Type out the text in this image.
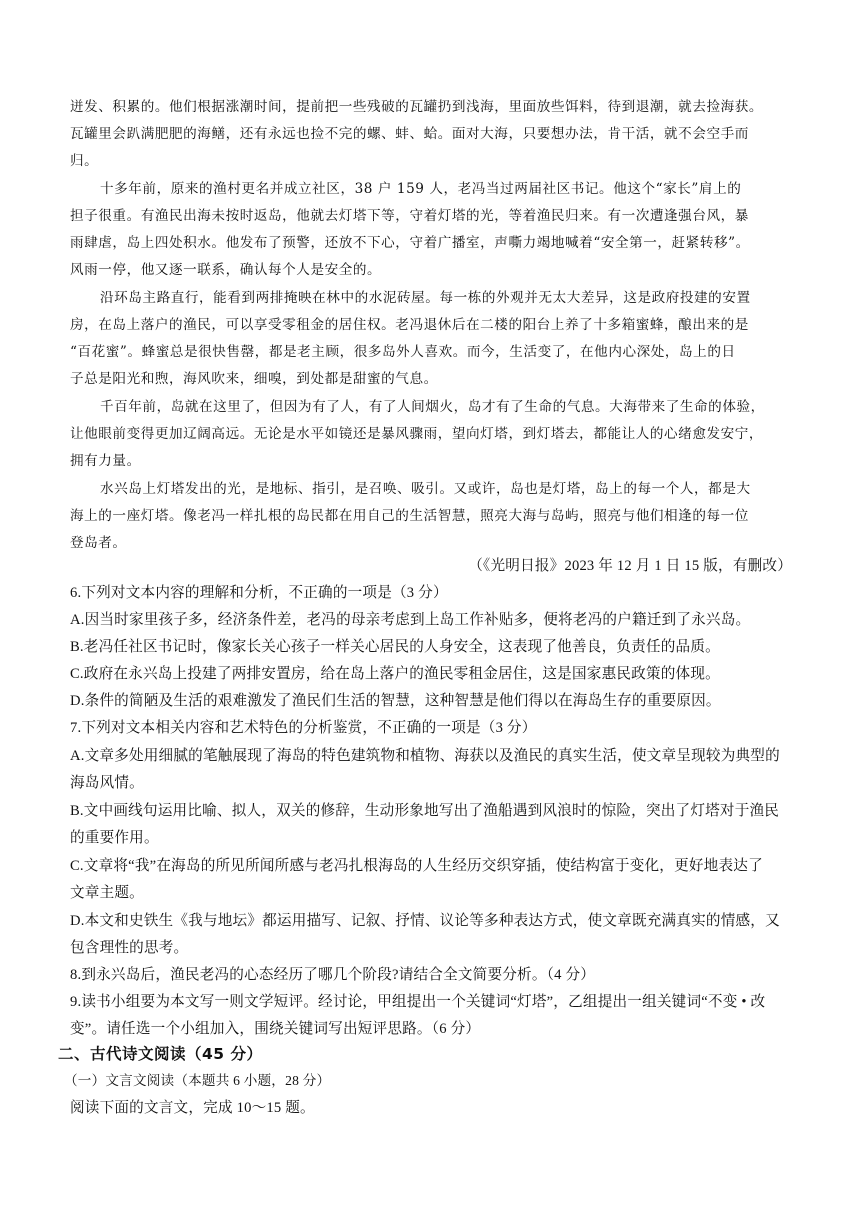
迸发、积累的。他们根据涨潮时间，提前把一些残破的瓦罐扔到浅海，里面放些饵料，待到退潮，就去捡海获。
瓦罐里会趴满肥肥的海鳝，还有永远也捡不完的螺、蚌、蛤。面对大海，只要想办法，肯干活，就不会空手而
归。
十多年前，原来的渔村更名并成立社区，38 户 159 人，老冯当过两届社区书记。他这个“家长”肩上的
担子很重。有渔民出海未按时返岛，他就去灯塔下等，守着灯塔的光，等着渔民归来。有一次遭逢强台风，暴
雨肆虐，岛上四处积水。他发布了预警，还放不下心，守着广播室，声嘶力竭地喊着“安全第一，赶紧转移”。
风雨一停，他又逐一联系，确认每个人是安全的。
沿环岛主路直行，能看到两排掩映在林中的水泥砖屋。每一栋的外观并无太大差异，这是政府投建的安置
房，在岛上落户的渔民，可以享受零租金的居住权。老冯退休后在二楼的阳台上养了十多箱蜜蜂，酿出来的是
“百花蜜”。蜂蜜总是很快售罄，都是老主顾，很多岛外人喜欢。而今，生活变了，在他内心深处，岛上的日
子总是阳光和煦，海风吹来，细嗅，到处都是甜蜜的气息。
千百年前，岛就在这里了，但因为有了人，有了人间烟火，岛才有了生命的气息。大海带来了生命的体验，
让他眼前变得更加辽阔高远。无论是水平如镜还是暴风骤雨，望向灯塔，到灯塔去，都能让人的心绪愈发安宁，
拥有力量。
水兴岛上灯塔发出的光，是地标、指引，是召唤、吸引。又或许，岛也是灯塔，岛上的每一个人，都是大
海上的一座灯塔。像老冯一样扎根的岛民都在用自己的生活智慧，照亮大海与岛屿，照亮与他们相逢的每一位
登岛者。
（《光明日报》2023 年 12 月 1 日 15 版，有删改）
6.下列对文本内容的理解和分析，不正确的一项是（3 分）
A.因当时家里孩子多，经济条件差，老冯的母亲考虑到上岛工作补贴多，便将老冯的户籍迁到了永兴岛。
B.老冯任社区书记时，像家长关心孩子一样关心居民的人身安全，这表现了他善良，负责任的品质。
C.政府在永兴岛上投建了两排安置房，给在岛上落户的渔民零租金居住，这是国家惠民政策的体现。
D.条件的简陋及生活的艰难激发了渔民们生活的智慧，这种智慧是他们得以在海岛生存的重要原因。
7.下列对文本相关内容和艺术特色的分析鉴赏，不正确的一项是（3 分）
A.文章多处用细腻的笔触展现了海岛的特色建筑物和植物、海获以及渔民的真实生活，使文章呈现较为典型的
海岛风情。
B.文中画线句运用比喻、拟人，双关的修辞，生动形象地写出了渔船遇到风浪时的惊险，突出了灯塔对于渔民
的重要作用。
C.文章将“我”在海岛的所见所闻所感与老冯扎根海岛的人生经历交织穿插，使结构富于变化，更好地表达了
文章主题。
D.本文和史铁生《我与地坛》都运用描写、记叙、抒情、议论等多种表达方式，使文章既充满真实的情感，又
包含理性的思考。
8.到永兴岛后，渔民老冯的心态经历了哪几个阶段?请结合全文简要分析。（4 分）
9.读书小组要为本文写一则文学短评。经讨论，甲组提出一个关键词“灯塔”，乙组提出一组关键词“不变 • 改
变”。请任选一个小组加入，围绕关键词写出短评思路。（6 分）
二、古代诗文阅读（45 分）
（一）文言文阅读（本题共 6 小题，28 分）
阅读下面的文言文，完成 10～15 题。
